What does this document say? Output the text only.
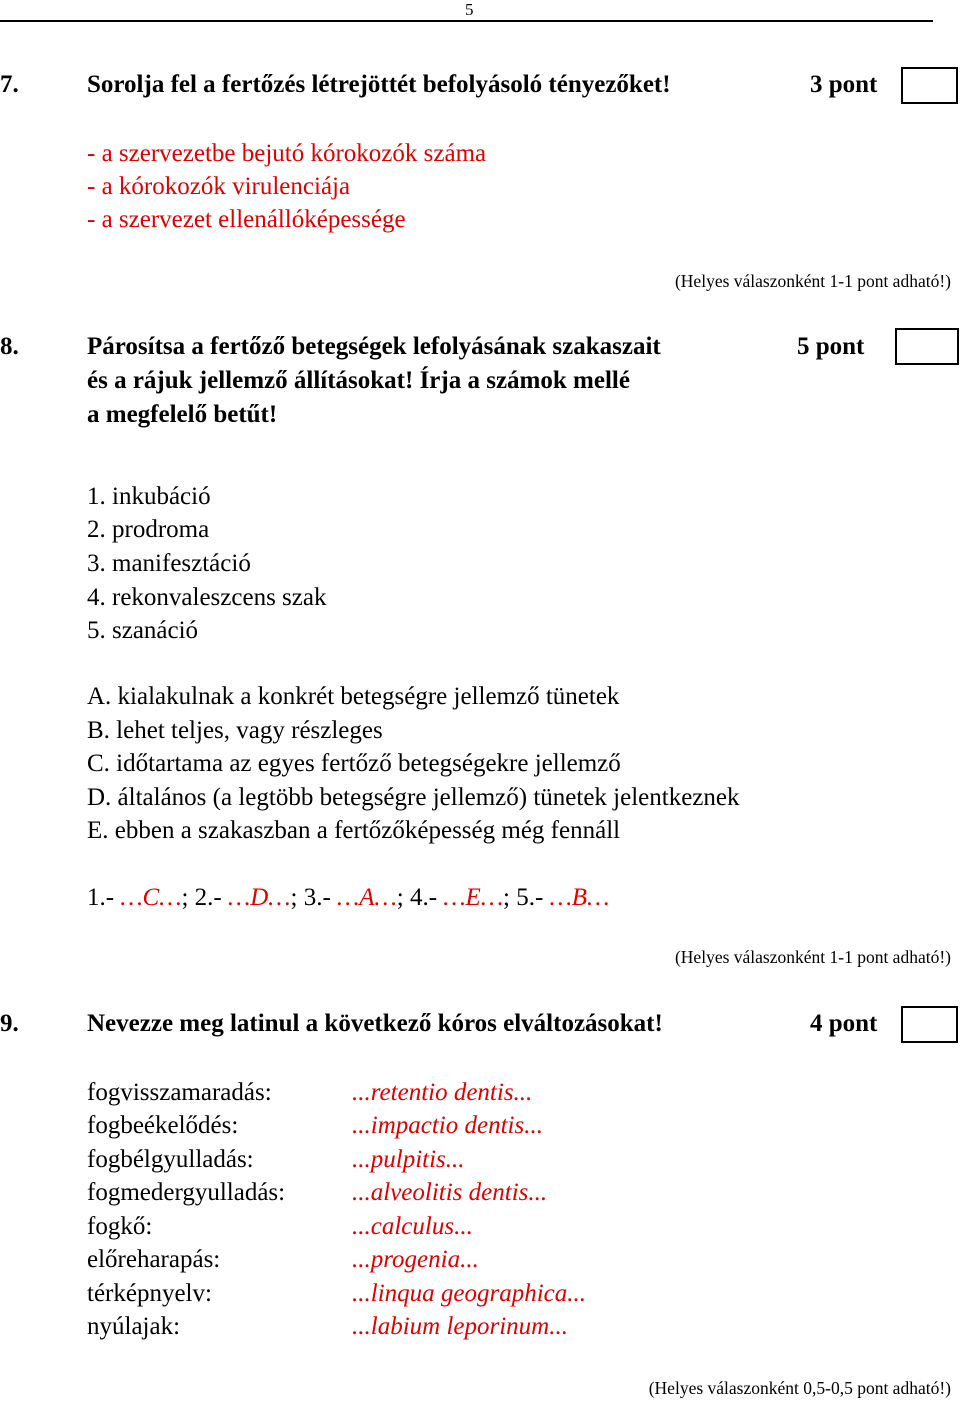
5
7.	Sorolja fel a fertőzés létrejöttét befolyásoló tényezőket!	3 pont
- a szervezetbe bejutó kórokozók száma
- a kórokozók virulenciája
- a szervezet ellenállóképessége
(Helyes válaszonként 1-1 pont adható!)
8.	Párosítsa a fertőző betegségek lefolyásának szakaszait
és a rájuk jellemző állításokat! Írja a számok mellé
a megfelelő betűt!
5 pont
1. inkubáció
2. prodroma
3. manifesztáció
4. rekonvaleszcens szak
5. szanáció
A. kialakulnak a konkrét betegségre jellemző tünetek
B. lehet teljes, vagy részleges
C. időtartama az egyes fertőző betegségekre jellemző
D. általános (a legtöbb betegségre jellemző) tünetek jelentkeznek
E. ebben a szakaszban a fertőzőképesség még fennáll
1.- …C…; 2.- …D…; 3.- …A…; 4.- …E…; 5.- …B…
(Helyes válaszonként 1-1 pont adható!)
9.	Nevezze meg latinul a következő kóros elváltozásokat!	4 pont
fogvisszamaradás:	...retentio dentis...
fogbeékelődés:	...impactio dentis...
fogbélgyulladás:	...pulpitis...
fogmedergyulladás:	...alveolitis dentis...
fogkő:	...calculus...
előreharapás:	...progenia...
térképnyelv:	...linqua geographica...
nyúlajak:	...labium leporinum...
(Helyes válaszonként 0,5-0,5 pont adható!)
